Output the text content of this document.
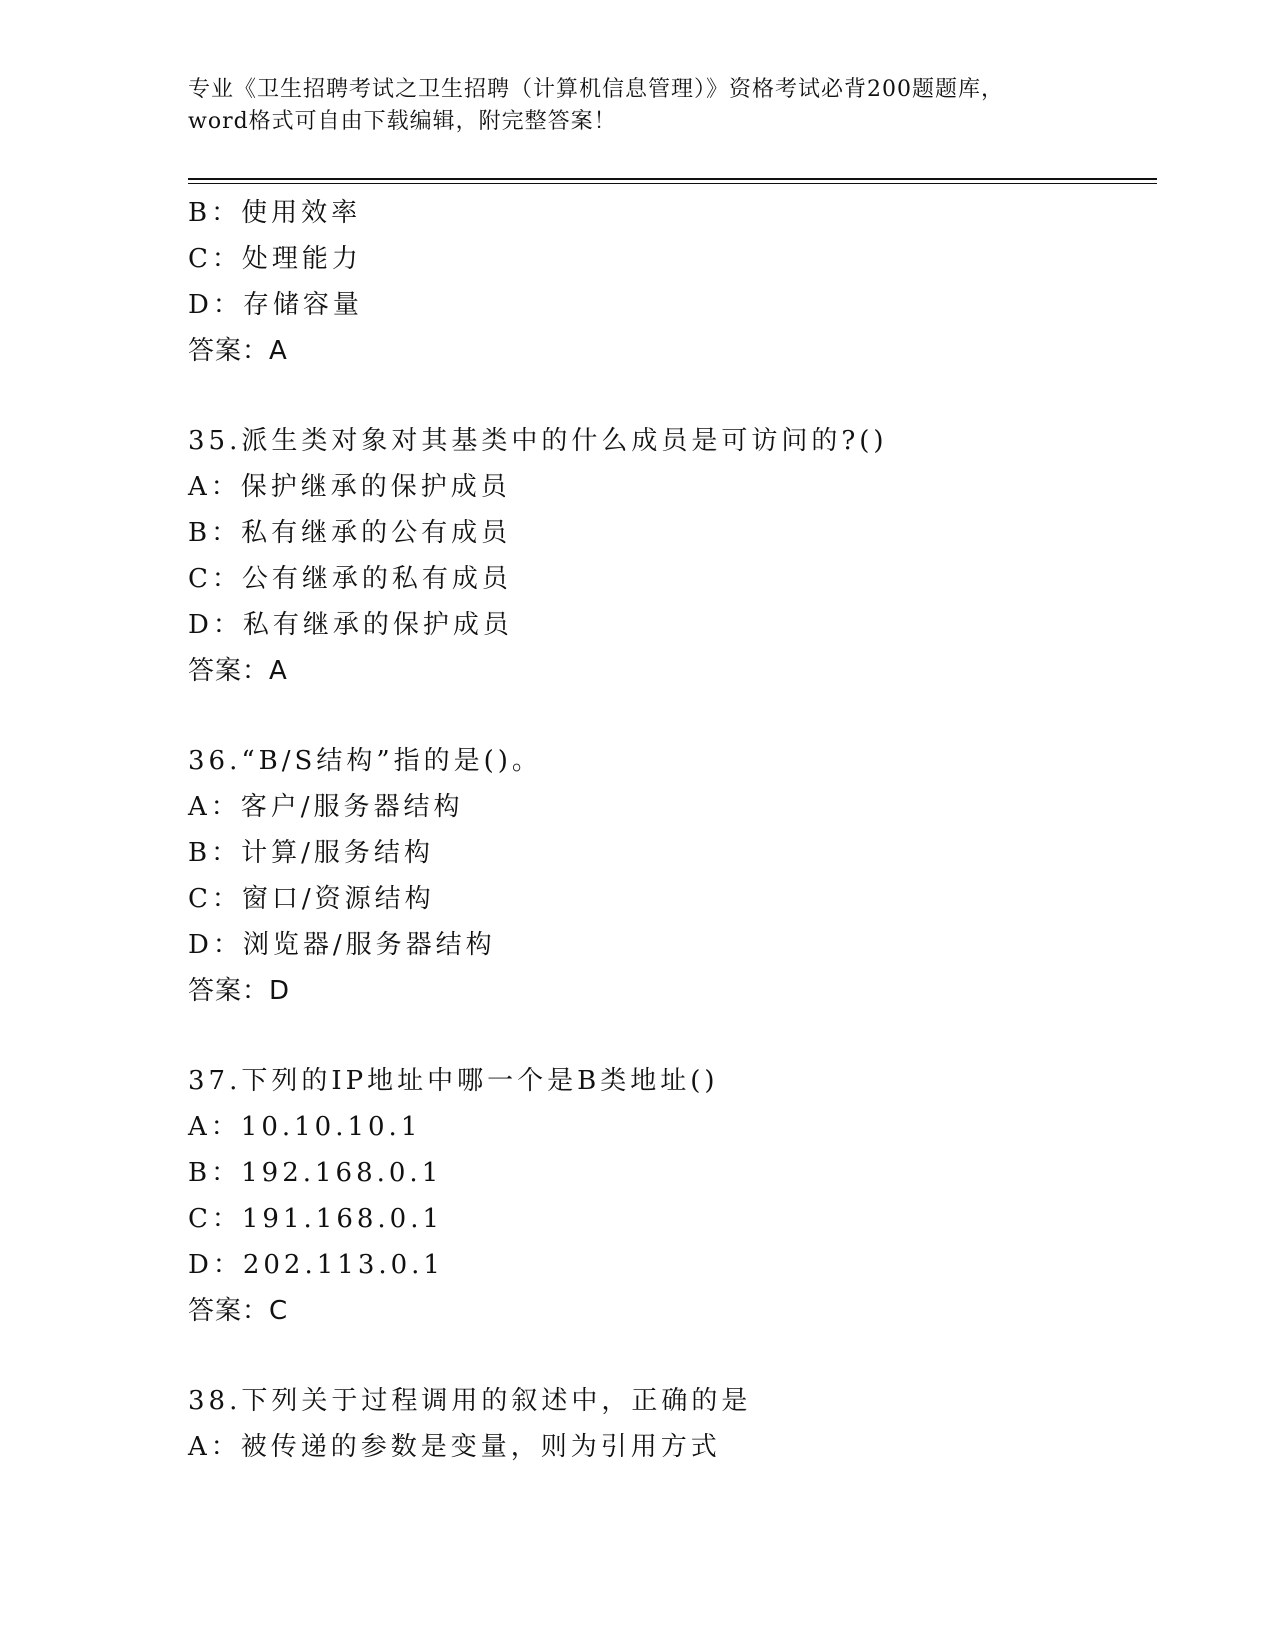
专业《卫生招聘考试之卫生招聘（计算机信息管理）》资格考试必背200题题库，
word格式可自由下载编辑，附完整答案！
B：使用效率
C：处理能力
D：存储容量
答案：A
35.派生类对象对其基类中的什么成员是可访问的?()
A：保护继承的保护成员
B：私有继承的公有成员
C：公有继承的私有成员
D：私有继承的保护成员
答案：A
36.“B/S结构”指的是()。
A：客户/服务器结构
B：计算/服务结构
C：窗口/资源结构
D：浏览器/服务器结构
答案：D
37.下列的IP地址中哪一个是B类地址()
A：10.10.10.1
B：192.168.0.1
C：191.168.0.1
D：202.113.0.1
答案：C
38.下列关于过程调用的叙述中，正确的是
A：被传递的参数是变量，则为引用方式
